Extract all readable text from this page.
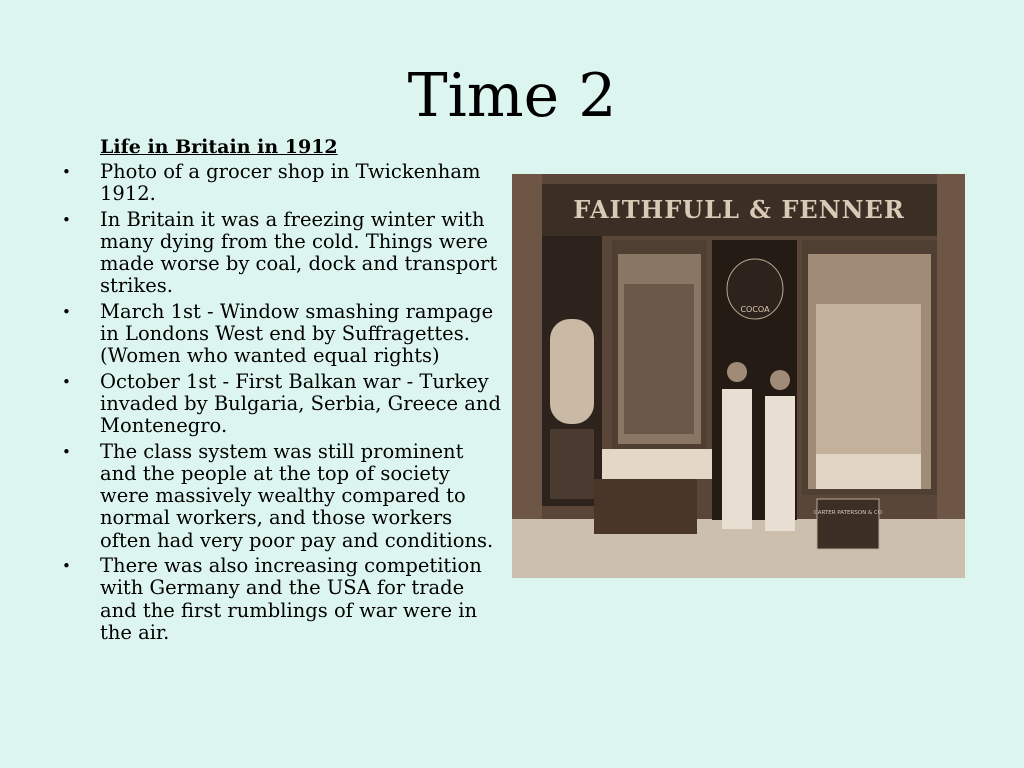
Time 2
Life in Britain in 1912
• Photo of a grocer shop in Twickenham 1912.
• In Britain it was a freezing winter with many dying from the cold. Things were made worse by coal, dock and transport strikes.
• March 1st - Window smashing rampage in Londons West end by Suffragettes. (Women who wanted equal rights)
• October 1st - First Balkan war - Turkey invaded by Bulgaria, Serbia, Greece and Montenegro.
• The class system was still prominent and the people at the top of society were massively wealthy compared to normal workers, and those workers often had very poor pay and conditions.
• There was also increasing competition with Germany and the USA for trade and the first rumblings of war were in the air.
FAITHFULL & FENNER
COCOA
CARTER PATERSON & CO
